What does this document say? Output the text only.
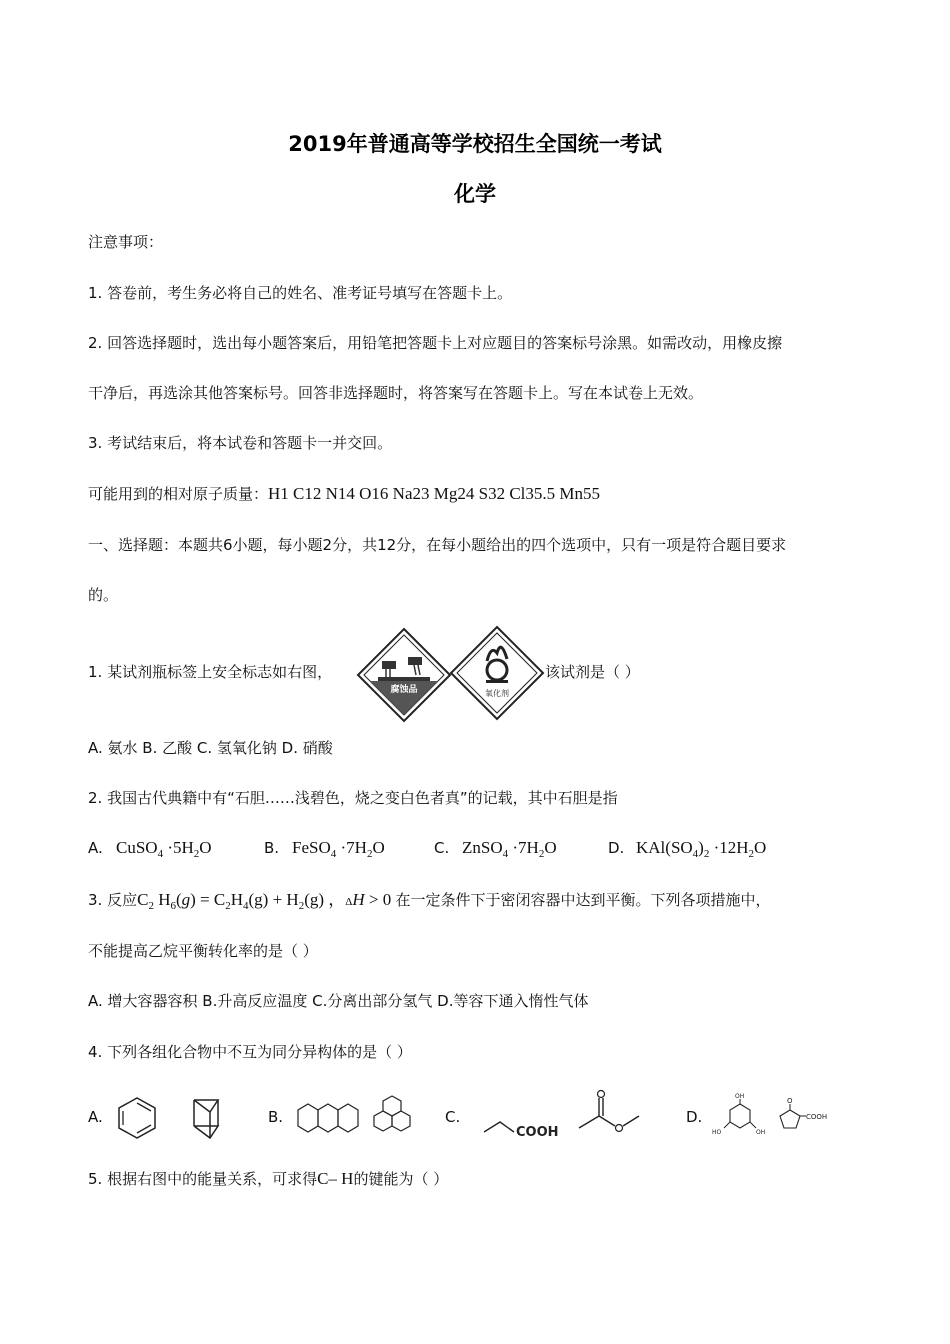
2019年普通高等学校招生全国统一考试
化学
注意事项：
1. 答卷前，考生务必将自己的姓名、准考证号填写在答题卡上。
2. 回答选择题时，选出每小题答案后，用铅笔把答题卡上对应题目的答案标号涂黑。如需改动，用橡皮擦
干净后，再选涂其他答案标号。回答非选择题时，将答案写在答题卡上。写在本试卷上无效。
3. 考试结束后，将本试卷和答题卡一并交回。
可能用到的相对原子质量：H1 C12 N14 O16 Na23 Mg24 S32 Cl35.5 Mn55
一、选择题：本题共6小题，每小题2分，共12分，在每小题给出的四个选项中，只有一项是符合题目要求
的。
1. 某试剂瓶标签上安全标志如右图，	该试剂是（ ）
腐蚀品	氧化剂
A. 氨水 B. 乙酸 C. 氢氧化钠 D. 硝酸
2. 我国古代典籍中有“石胆……浅碧色，烧之变白色者真”的记载，其中石胆是指
A. CuSO$_4$ $\cdot 5H_2O$	B. FeSO$_4$ $\cdot 7H_2O$	C. ZnSO$_4$ $\cdot 7H_2O$	D. $KAl(SO_4)_2 \cdot 12H_2O$
3. 反应$C_2$ $H_6(g) = C_2H_4(g) + H_2(g)$ ，ΔH > 0 在一定条件下于密闭容器中达到平衡。下列各项措施中，
不能提高乙烷平衡转化率的是（ ）
A. 增大容器容积 B.升高反应温度 C.分离出部分氢气 D.等容下通入惰性气体
4. 下列各组化合物中不互为同分异构体的是（ ）
A.	B.	C.
COOH
D.
OH
HO	OH
O
COOH
5. 根据右图中的能量关系，可求得C– H的键能为（ ）
